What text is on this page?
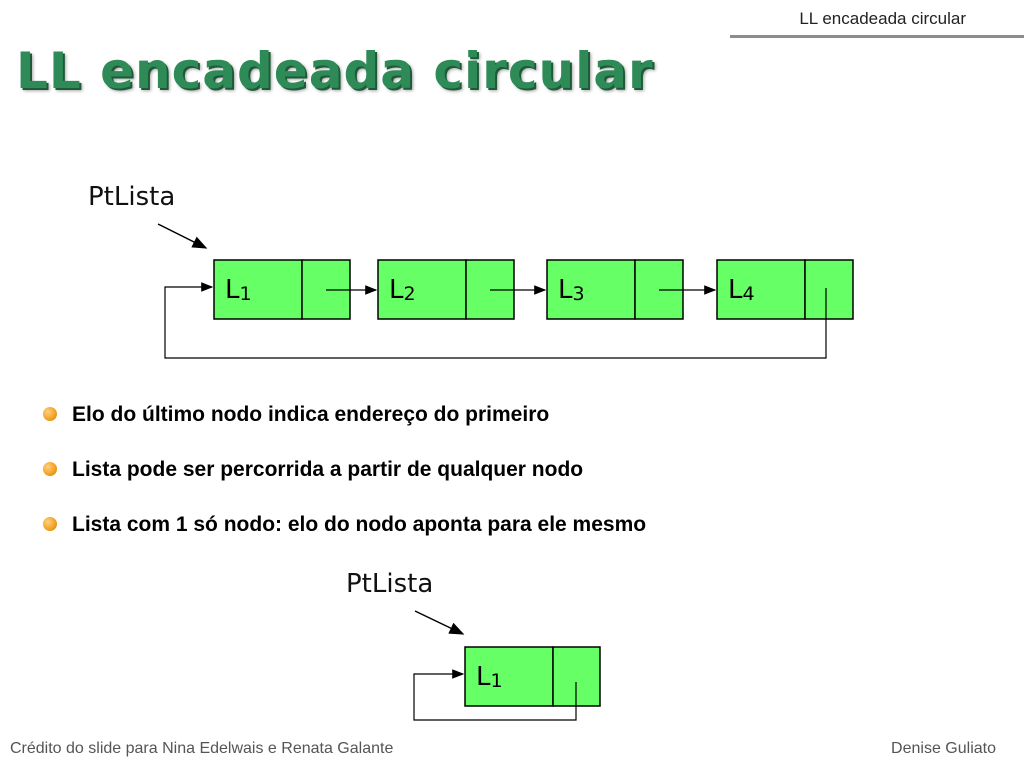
LL encadeada circular
LL encadeada circular
PtLista
$L_1$	$L_2$	$L_3$	$L_4$
Elo do último nodo indica endereço do primeiro
Lista pode ser percorrida a partir de qualquer nodo
Lista com 1 só nodo: elo do nodo aponta para ele mesmo
PtLista
$L_1$
Crédito do slide para Nina Edelwais e Renata Galante	Denise Guliato
